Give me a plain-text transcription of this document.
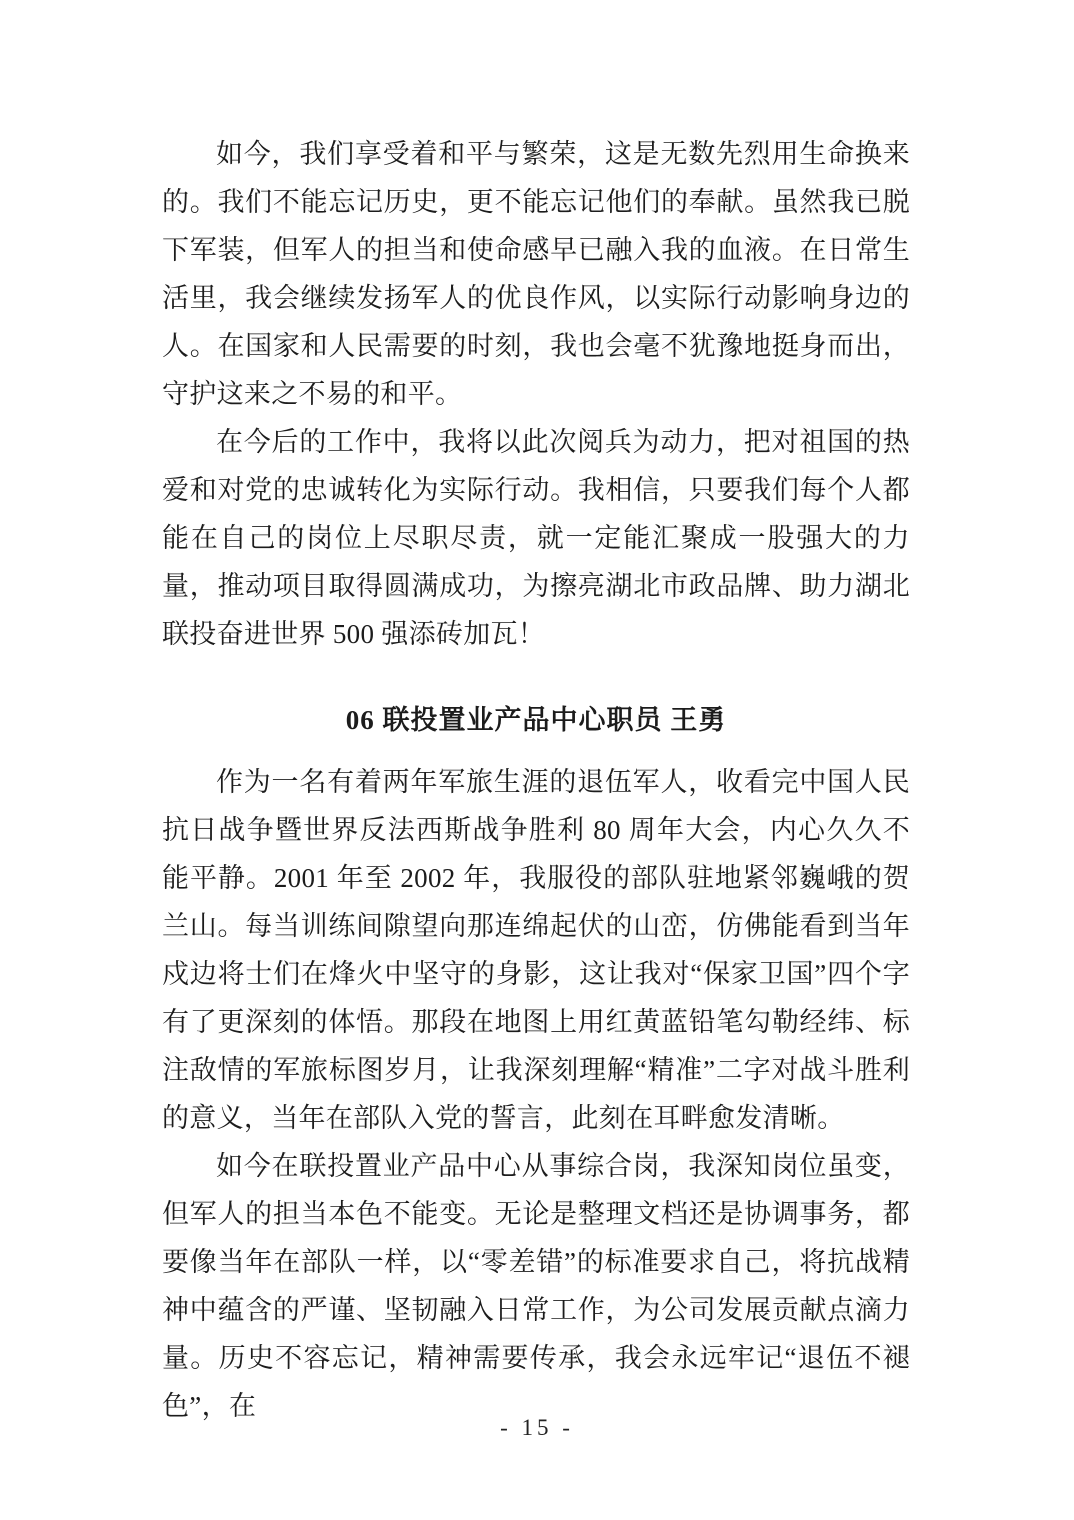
如今，我们享受着和平与繁荣，这是无数先烈用生命换来的。我们不能忘记历史，更不能忘记他们的奉献。虽然我已脱下军装，但军人的担当和使命感早已融入我的血液。在日常生活里，我会继续发扬军人的优良作风，以实际行动影响身边的人。在国家和人民需要的时刻，我也会毫不犹豫地挺身而出，守护这来之不易的和平。

在今后的工作中，我将以此次阅兵为动力，把对祖国的热爱和对党的忠诚转化为实际行动。我相信，只要我们每个人都能在自己的岗位上尽职尽责，就一定能汇聚成一股强大的力量，推动项目取得圆满成功，为擦亮湖北市政品牌、助力湖北联投奋进世界 500 强添砖加瓦！

06 联投置业产品中心职员 王勇

作为一名有着两年军旅生涯的退伍军人，收看完中国人民抗日战争暨世界反法西斯战争胜利 80 周年大会，内心久久不能平静。2001 年至 2002 年，我服役的部队驻地紧邻巍峨的贺兰山。每当训练间隙望向那连绵起伏的山峦，仿佛能看到当年戍边将士们在烽火中坚守的身影，这让我对“保家卫国”四个字有了更深刻的体悟。那段在地图上用红黄蓝铅笔勾勒经纬、标注敌情的军旅标图岁月，让我深刻理解“精准”二字对战斗胜利的意义，当年在部队入党的誓言，此刻在耳畔愈发清晰。

如今在联投置业产品中心从事综合岗，我深知岗位虽变，但军人的担当本色不能变。无论是整理文档还是协调事务，都要像当年在部队一样，以“零差错”的标准要求自己，将抗战精神中蕴含的严谨、坚韧融入日常工作，为公司发展贡献点滴力量。历史不容忘记，精神需要传承，我会永远牢记“退伍不褪色”，在

- 15 -
